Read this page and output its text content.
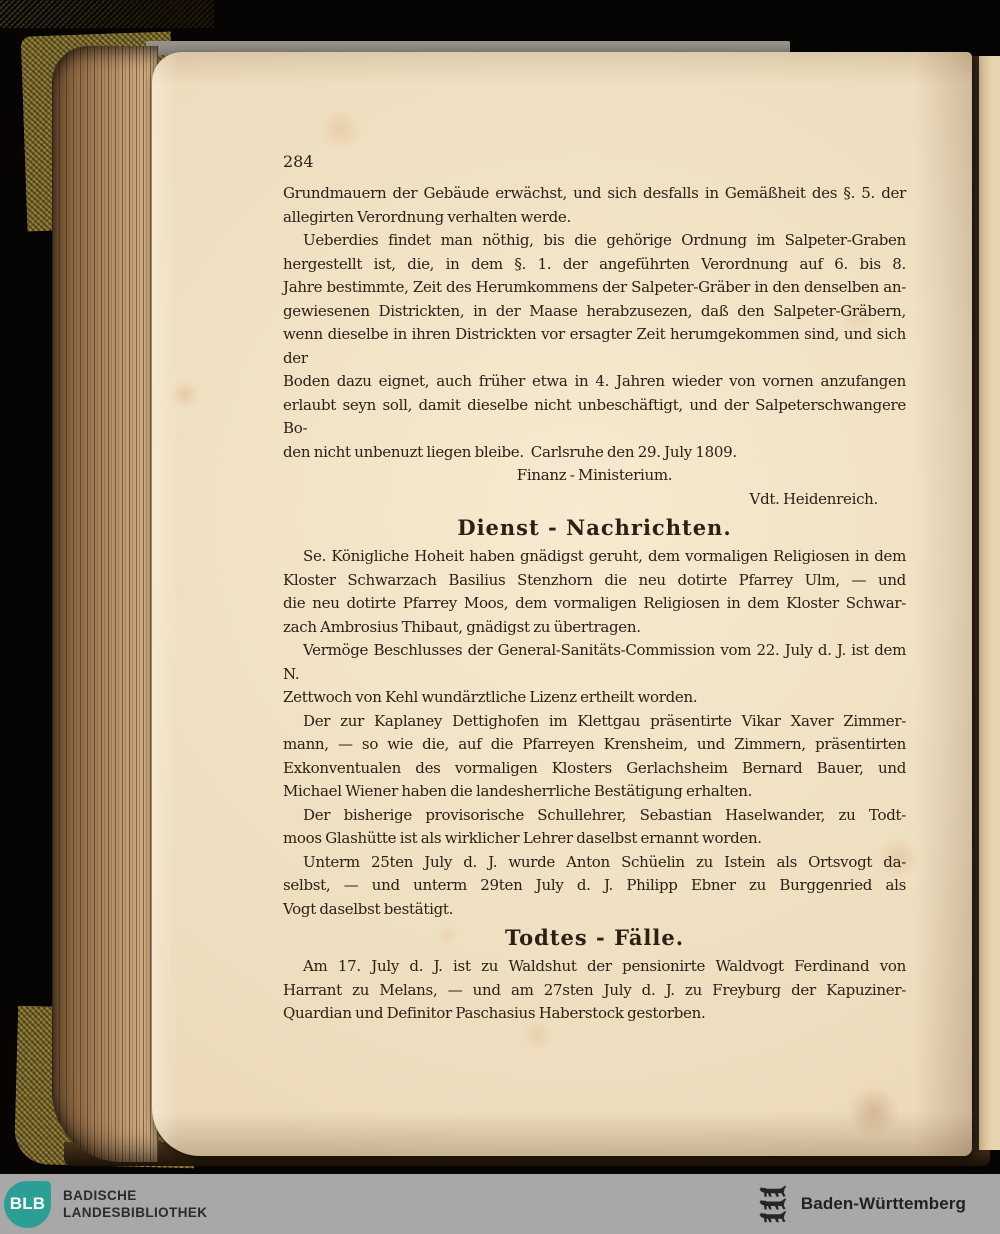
284
Grundmauern der Gebäude erwächst, und sich desfalls in Gemäßheit des §. 5. der
allegirten Verordnung verhalten werde.
Ueberdies findet man nöthig, bis die gehörige Ordnung im Salpeter-Graben
hergestellt ist, die, in dem §. 1. der angeführten Verordnung auf 6. bis 8.
Jahre bestimmte, Zeit des Herumkommens der Salpeter-Gräber in den denselben an-
gewiesenen Districkten, in der Maase herabzusezen, daß den Salpeter-Gräbern,
wenn dieselbe in ihren Districkten vor ersagter Zeit herumgekommen sind, und sich der
Boden dazu eignet, auch früher etwa in 4. Jahren wieder von vornen anzufangen
erlaubt seyn soll, damit dieselbe nicht unbeschäftigt, und der Salpeterschwangere Bo-
den nicht unbenuzt liegen bleibe.  Carlsruhe den 29. July 1809.
Finanz - Ministerium.
Vdt. Heidenreich.
Dienst - Nachrichten.
Se. Königliche Hoheit haben gnädigst geruht, dem vormaligen Religiosen in dem
Kloster Schwarzach Basilius Stenzhorn die neu dotirte Pfarrey Ulm, — und
die neu dotirte Pfarrey Moos, dem vormaligen Religiosen in dem Kloster Schwar-
zach Ambrosius Thibaut, gnädigst zu übertragen.
Vermöge Beschlusses der General-Sanitäts-Commission vom 22. July d. J. ist dem N.
Zettwoch von Kehl wundärztliche Lizenz ertheilt worden.
Der zur Kaplaney Dettighofen im Klettgau präsentirte Vikar Xaver Zimmer-
mann, — so wie die, auf die Pfarreyen Krensheim, und Zimmern, präsentirten
Exkonventualen des vormaligen Klosters Gerlachsheim Bernard Bauer, und
Michael Wiener haben die landesherrliche Bestätigung erhalten.
Der bisherige provisorische Schullehrer, Sebastian Haselwander, zu Todt-
moos Glashütte ist als wirklicher Lehrer daselbst ernannt worden.
Unterm 25ten July d. J. wurde Anton Schüelin zu Istein als Ortsvogt da-
selbst, — und unterm 29ten July d. J. Philipp Ebner zu Burggenried als
Vogt daselbst bestätigt.
Todtes - Fälle.
Am 17. July d. J. ist zu Waldshut der pensionirte Waldvogt Ferdinand von
Harrant zu Melans, — und am 27sten July d. J. zu Freyburg der Kapuziner-
Quardian und Definitor Paschasius Haberstock gestorben.
BLB BADISCHE
LANDESBIBLIOTHEK	Baden-Württemberg
